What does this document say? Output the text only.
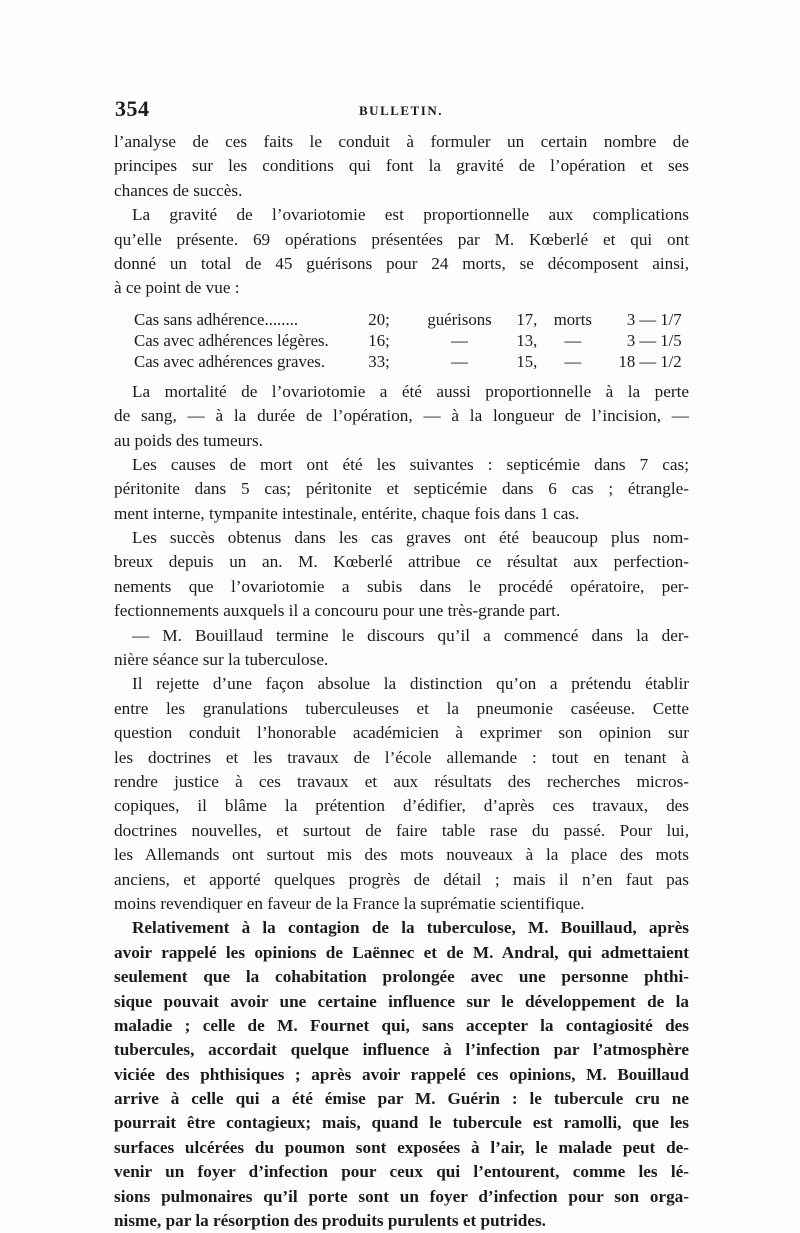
354	BULLETIN.
l’analyse de ces faits le conduit à formuler un certain nombre de
principes sur les conditions qui font la gravité de l’opération et ses
chances de succès.
La gravité de l’ovariotomie est proportionnelle aux complications
qu’elle présente. 69 opérations présentées par M. Kœberlé et qui ont
donné un total de 45 guérisons pour 24 morts, se décomposent ainsi,
à ce point de vue :
Cas sans adhérence........	20;	guérisons	17, morts	3 — 1/7
Cas avec adhérences légères.	16;	—	13,	—	3 — 1/5
Cas avec adhérences graves.	33;	—	15,	—	18 — 1/2
La mortalité de l’ovariotomie a été aussi proportionnelle à la perte
de sang, — à la durée de l’opération, — à la longueur de l’incision, —
au poids des tumeurs.
Les causes de mort ont été les suivantes : septicémie dans 7 cas;
péritonite dans 5 cas; péritonite et septicémie dans 6 cas ; étrangle-
ment interne, tympanite intestinale, entérite, chaque fois dans 1 cas.
Les succès obtenus dans les cas graves ont été beaucoup plus nom-
breux depuis un an. M. Kœberlé attribue ce résultat aux perfection-
nements que l’ovariotomie a subis dans le procédé opératoire, per-
fectionnements auxquels il a concouru pour une très-grande part.
— M. Bouillaud termine le discours qu’il a commencé dans la der-
nière séance sur la tuberculose.
Il rejette d’une façon absolue la distinction qu’on a prétendu établir
entre les granulations tuberculeuses et la pneumonie caséeuse. Cette
question conduit l’honorable académicien à exprimer son opinion sur
les doctrines et les travaux de l’école allemande : tout en tenant à
rendre justice à ces travaux et aux résultats des recherches micros-
copiques, il blâme la prétention d’édifier, d’après ces travaux, des
doctrines nouvelles, et surtout de faire table rase du passé. Pour lui,
les Allemands ont surtout mis des mots nouveaux à la place des mots
anciens, et apporté quelques progrès de détail ; mais il n’en faut pas
moins revendiquer en faveur de la France la suprématie scientifique.
Relativement à la contagion de la tuberculose, M. Bouillaud, après
avoir rappelé les opinions de Laënnec et de M. Andral, qui admettaient
seulement que la cohabitation prolongée avec une personne phthi-
sique pouvait avoir une certaine influence sur le développement de la
maladie ; celle de M. Fournet qui, sans accepter la contagiosité des
tubercules, accordait quelque influence à l’infection par l’atmosphère
viciée des phthisiques ; après avoir rappelé ces opinions, M. Bouillaud
arrive à celle qui a été émise par M. Guérin : le tubercule cru ne
pourrait être contagieux; mais, quand le tubercule est ramolli, que les
surfaces ulcérées du poumon sont exposées à l’air, le malade peut de-
venir un foyer d’infection pour ceux qui l’entourent, comme les lé-
sions pulmonaires qu’il porte sont un foyer d’infection pour son orga-
nisme, par la résorption des produits purulents et putrides.
